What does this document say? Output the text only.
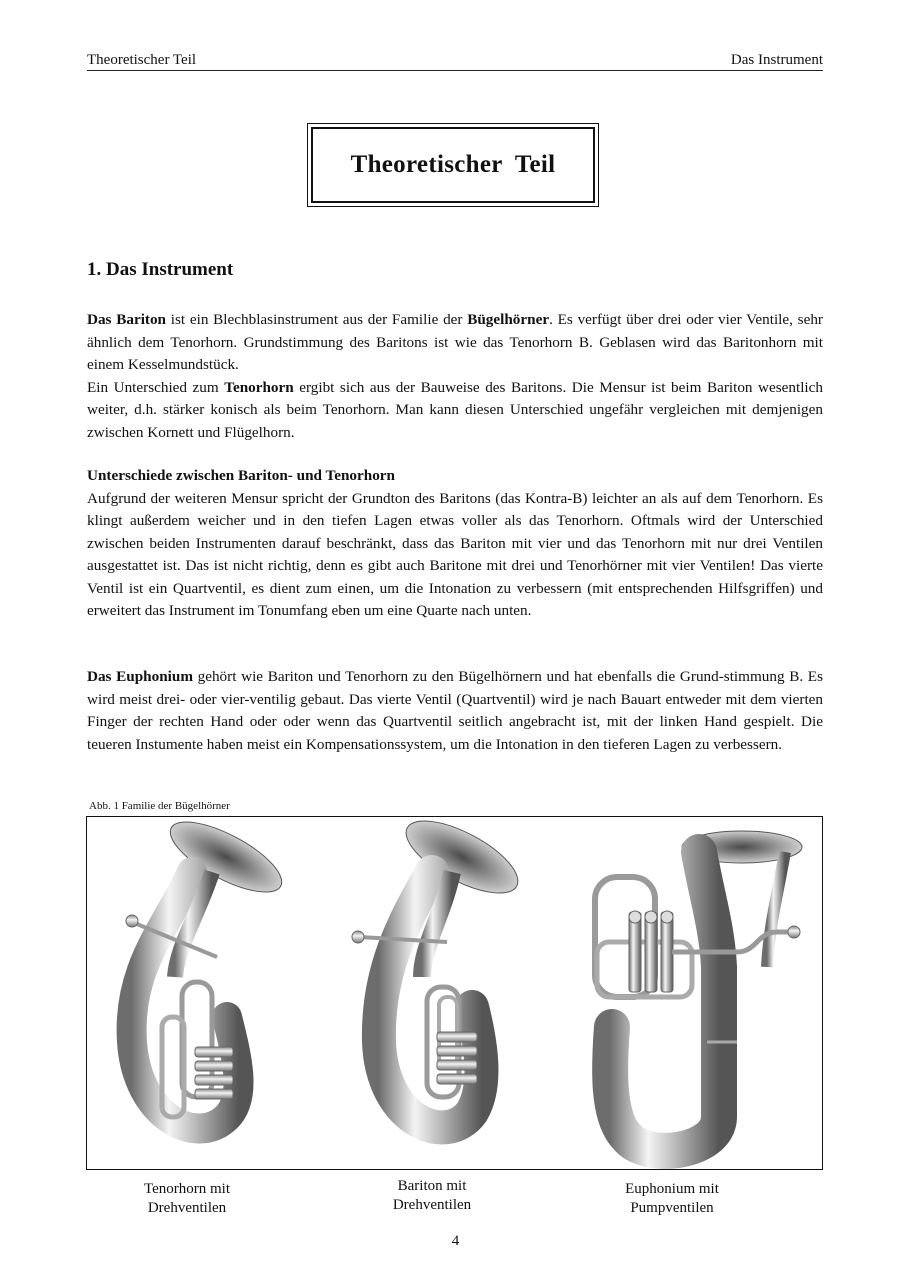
Theoretischer Teil	Das Instrument
Theoretischer  Teil
1. Das Instrument

Das Bariton ist ein Blechblasinstrument aus der Familie der Bügelhörner. Es verfügt über drei oder vier Ventile, sehr ähnlich dem Tenorhorn. Grundstimmung des Baritons ist wie das Tenorhorn B. Geblasen wird das Baritonhorn mit einem Kesselmundstück.

Ein Unterschied zum Tenorhorn ergibt sich aus der Bauweise des Baritons. Die Mensur ist beim Bariton wesentlich weiter, d.h. stärker konisch als beim Tenorhorn. Man kann diesen Unterschied ungefähr vergleichen mit demjenigen zwischen Kornett und Flügelhorn.

Unterschiede zwischen Bariton- und Tenorhorn

Aufgrund der weiteren Mensur spricht der Grundton des Baritons (das Kontra-B) leichter an als auf dem Tenorhorn. Es klingt außerdem weicher und in den tiefen Lagen etwas voller als das Tenorhorn. Oftmals wird der Unterschied zwischen beiden Instrumenten darauf beschränkt, dass das Bariton mit vier und das Tenorhorn mit nur drei Ventilen ausgestattet ist. Das ist nicht richtig, denn es gibt auch Baritone mit drei und Tenorhörner mit vier Ventilen! Das vierte Ventil ist ein Quartventil, es dient zum einen, um die Intonation zu verbessern (mit entsprechenden Hilfsgriffen) und erweitert das Instrument im Tonumfang eben um eine Quarte nach unten.

Das Euphonium gehört wie Bariton und Tenorhorn zu den Bügelhörnern und hat ebenfalls die Grund-stimmung B. Es wird meist drei- oder vier-ventilig gebaut. Das vierte Ventil (Quartventil) wird je nach Bauart entweder mit dem vierten Finger der rechten Hand oder oder wenn das Quartventil seitlich angebracht ist, mit der linken Hand gespielt. Die teueren Instumente haben meist ein Kompensationssystem, um die Intonation in den tieferen Lagen zu verbessern.

Abb. 1 Familie der Bügelhörner
Tenorhorn mit
Drehventilen
Bariton mit
Drehventilen
Euphonium mit
Pumpventilen
4
